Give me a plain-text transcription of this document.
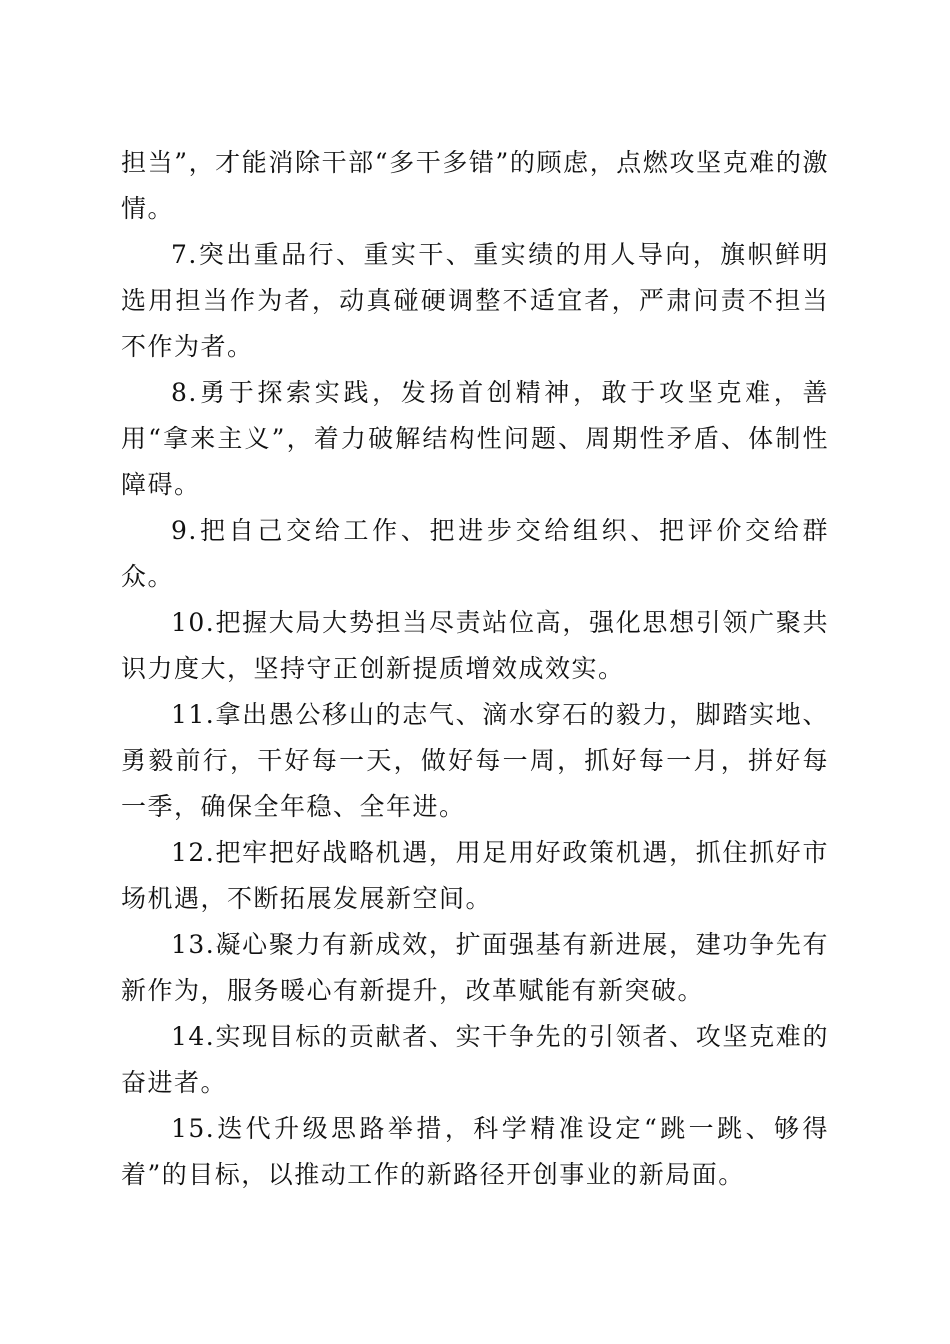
担当”，才能消除干部“多干多错”的顾虑，点燃攻坚克难的激情。

7.突出重品行、重实干、重实绩的用人导向，旗帜鲜明选用担当作为者，动真碰硬调整不适宜者，严肃问责不担当不作为者。

8.勇于探索实践，发扬首创精神，敢于攻坚克难，善用“拿来主义”，着力破解结构性问题、周期性矛盾、体制性障碍。

9.把自己交给工作、把进步交给组织、把评价交给群众。

10.把握大局大势担当尽责站位高，强化思想引领广聚共识力度大，坚持守正创新提质增效成效实。

11.拿出愚公移山的志气、滴水穿石的毅力，脚踏实地、勇毅前行，干好每一天，做好每一周，抓好每一月，拼好每一季，确保全年稳、全年进。

12.把牢把好战略机遇，用足用好政策机遇，抓住抓好市场机遇，不断拓展发展新空间。

13.凝心聚力有新成效，扩面强基有新进展，建功争先有新作为，服务暖心有新提升，改革赋能有新突破。

14.实现目标的贡献者、实干争先的引领者、攻坚克难的奋进者。

15.迭代升级思路举措，科学精准设定“跳一跳、够得着”的目标，以推动工作的新路径开创事业的新局面。
